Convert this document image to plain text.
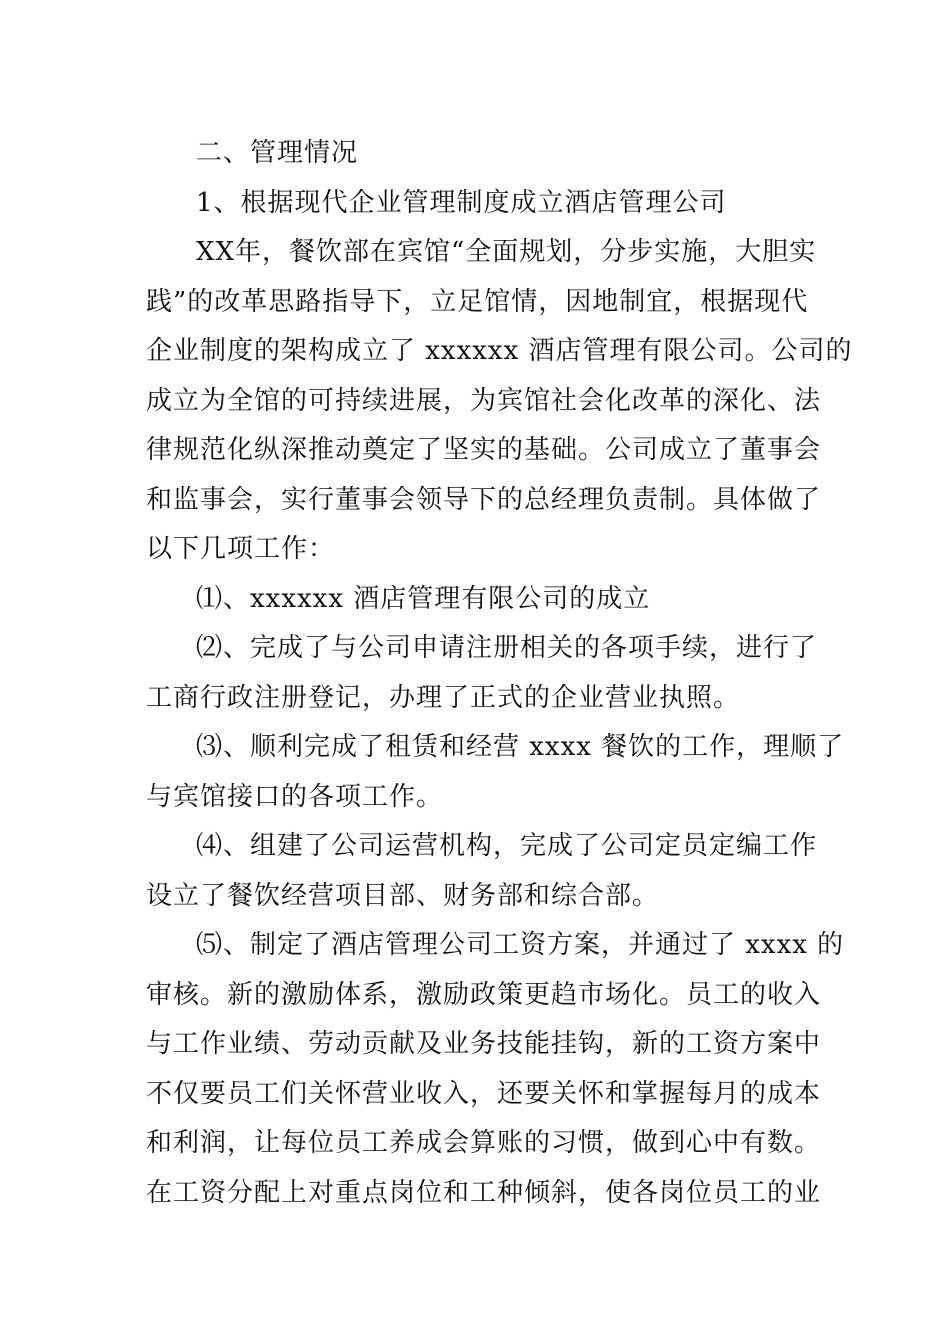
二、管理情况
1、根据现代企业管理制度成立酒店管理公司
XX年，餐饮部在宾馆“全面规划，分步实施，大胆实
践”的改革思路指导下，立足馆情，因地制宜，根据现代
企业制度的架构成立了 xxxxxx 酒店管理有限公司。公司的
成立为全馆的可持续进展，为宾馆社会化改革的深化、法
律规范化纵深推动奠定了坚实的基础。公司成立了董事会
和监事会，实行董事会领导下的总经理负责制。具体做了
以下几项工作：
⑴、xxxxxx 酒店管理有限公司的成立
⑵、完成了与公司申请注册相关的各项手续，进行了
工商行政注册登记，办理了正式的企业营业执照。
⑶、顺利完成了租赁和经营 xxxx 餐饮的工作，理顺了
与宾馆接口的各项工作。
⑷、组建了公司运营机构，完成了公司定员定编工作
设立了餐饮经营项目部、财务部和综合部。
⑸、制定了酒店管理公司工资方案，并通过了 xxxx 的
审核。新的激励体系，激励政策更趋市场化。员工的收入
与工作业绩、劳动贡献及业务技能挂钩，新的工资方案中
不仅要员工们关怀营业收入，还要关怀和掌握每月的成本
和利润，让每位员工养成会算账的习惯，做到心中有数。
在工资分配上对重点岗位和工种倾斜，使各岗位员工的业
